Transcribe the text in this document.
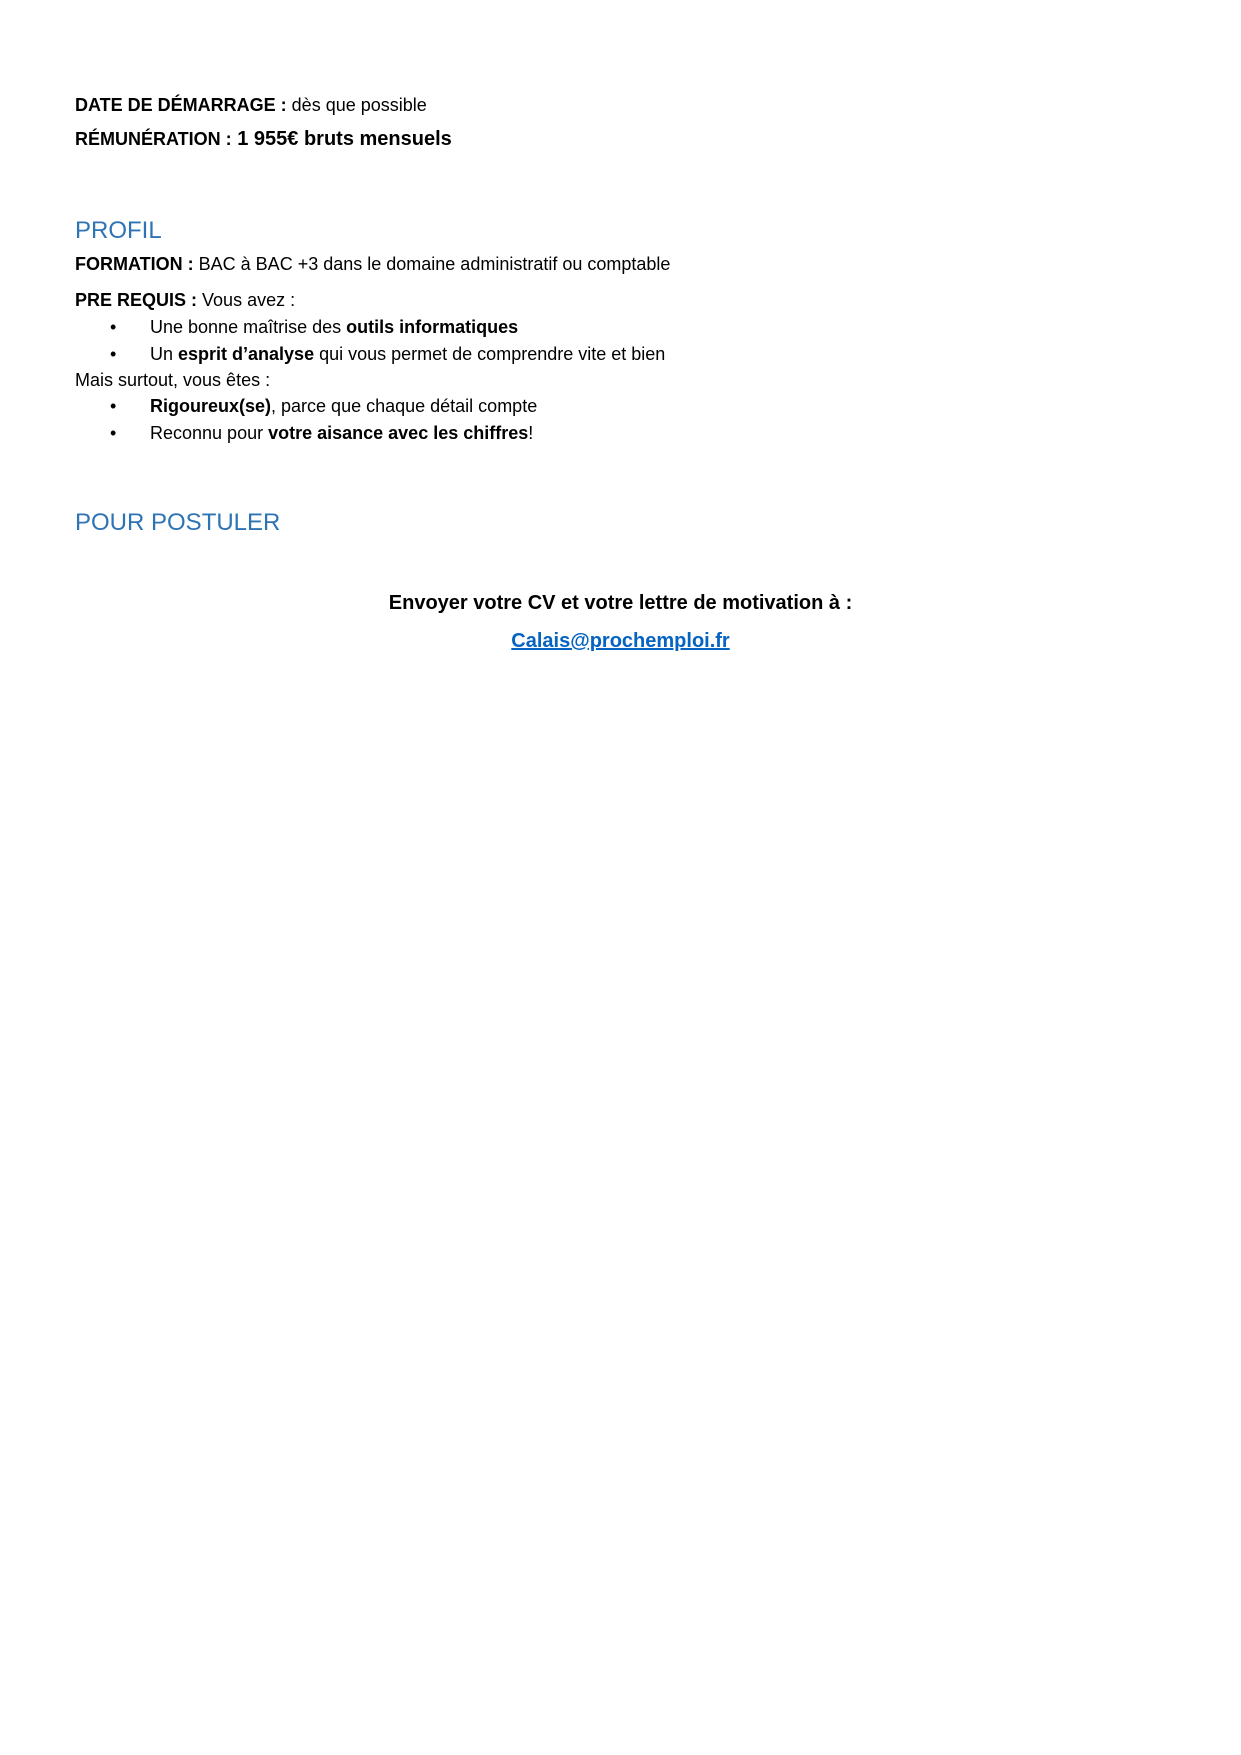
DATE DE DÉMARRAGE : dès que possible
RÉMUNÉRATION : 1 955€ bruts mensuels
PROFIL
FORMATION : BAC à BAC +3 dans le domaine administratif ou comptable
PRE REQUIS : Vous avez :
• Une bonne maîtrise des outils informatiques
• Un esprit d’analyse qui vous permet de comprendre vite et bien
Mais surtout, vous êtes :
• Rigoureux(se), parce que chaque détail compte
• Reconnu pour votre aisance avec les chiffres!
POUR POSTULER
Envoyer votre CV et votre lettre de motivation à :
Calais@prochemploi.fr
